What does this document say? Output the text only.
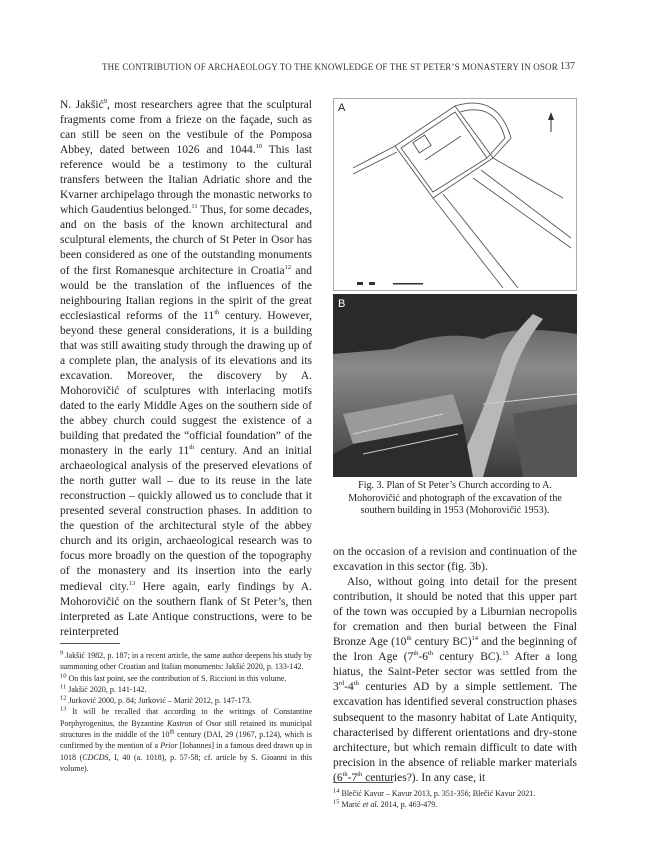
THE CONTRIBUTION OF ARCHAEOLOGY TO THE KNOWLEDGE OF THE ST PETER’S MONASTERY IN OSOR 137

N. Jakšić$^9$, most researchers agree that the sculptural fragments come from a frieze on the façade, such as can still be seen on the vestibule of the Pomposa Abbey, dated between 1026 and 1044.10 This last reference would be a testimony to the cultural transfers between the Italian Adriatic shore and the Kvarner archipelago through the monastic networks to which Gaudentius belonged.$^{11}$ Thus, for some decades, and on the basis of the known architectural and sculptural elements, the church of St Peter in Osor has been considered as one of the outstanding monuments of the first Romanesque architecture in Croatia$^{12}$ and would be the translation of the influences of the neighbouring Italian regions in the spirit of the great ecclesiastical reforms of the 11th century. However, beyond these general considerations, it is a building that was still awaiting study through the drawing up of a complete plan, the analysis of its elevations and its excavation. Moreover, the discovery by A. Mohorovičić of sculptures with interlacing motifs dated to the early Middle Ages on the southern side of the abbey church could suggest the existence of a building that predated the “official foundation” of the monastery in the early 11th century. And an initial archaeological analysis of the preserved elevations of the north gutter wall – due to its reuse in the late reconstruction – quickly allowed us to conclude that it presented several construction phases. In addition to the question of the architectural style of the abbey church and its origin, archaeological research was to focus more broadly on the question of the topography of the monastery and its insertion into the early medieval city.$^{13}$ Here again, early findings by A. Mohorovičić on the southern flank of St Peter’s, then interpreted as Late Antique constructions, were to be reinterpreted

$^9$ Jakšić 1982, p. 187; in a recent article, the same author deepens his study by summoning other Croatian and Italian monuments: Jakšić 2020, p. 133-142.
$^{10}$ On this last point, see the contribution of S. Riccioni in this volume.
$^{11}$ Jakšić 2020, p. 141-142.
$^{12}$ Jurković 2000, p. 84; Jurković – Marić 2012, p. 147-173.
$^{13}$ It will be recalled that according to the writings of Constantine Porphyrogenitus, the Byzantine Kastron of Osor still retained its municipal structures in the middle of the 10th century (DAI, 29 (1967, p.124), which is confirmed by the mention of a Prior [Iohannes] in a famous deed drawn up in 1018 (CDCDS, I, 40 (a. 1018), p. 57-58; cf. article by S. Gioanni in this volume).
A
B
Fig. 3. Plan of St Peter’s Church according to A. Mohorovičić and photograph of the excavation of the southern building in 1953 (Mohorovičić 1953).

on the occasion of a revision and continuation of the excavation in this sector (fig. 3b).

Also, without going into detail for the present contribution, it should be noted that this upper part of the town was occupied by a Liburnian necropolis for cremation and then burial between the Final Bronze Age (10th century BC)$^{14}$ and the beginning of the Iron Age (7th-6th century BC).$^{15}$ After a long hiatus, the Saint-Peter sector was settled from the 3rd-4th centuries AD by a simple settlement. The excavation has identified several construction phases subsequent to the masonry habitat of Late Antiquity, characterised by different orientations and dry-stone architecture, but which remain difficult to date with precision in the absence of reliable marker materials (6th-7th centuries?). In any case, it

$^{14}$ Blečić Kavur – Kavur 2013, p. 351-356; Blečić Kavur 2021.
$^{15}$ Marić et al. 2014, p. 463-479.
